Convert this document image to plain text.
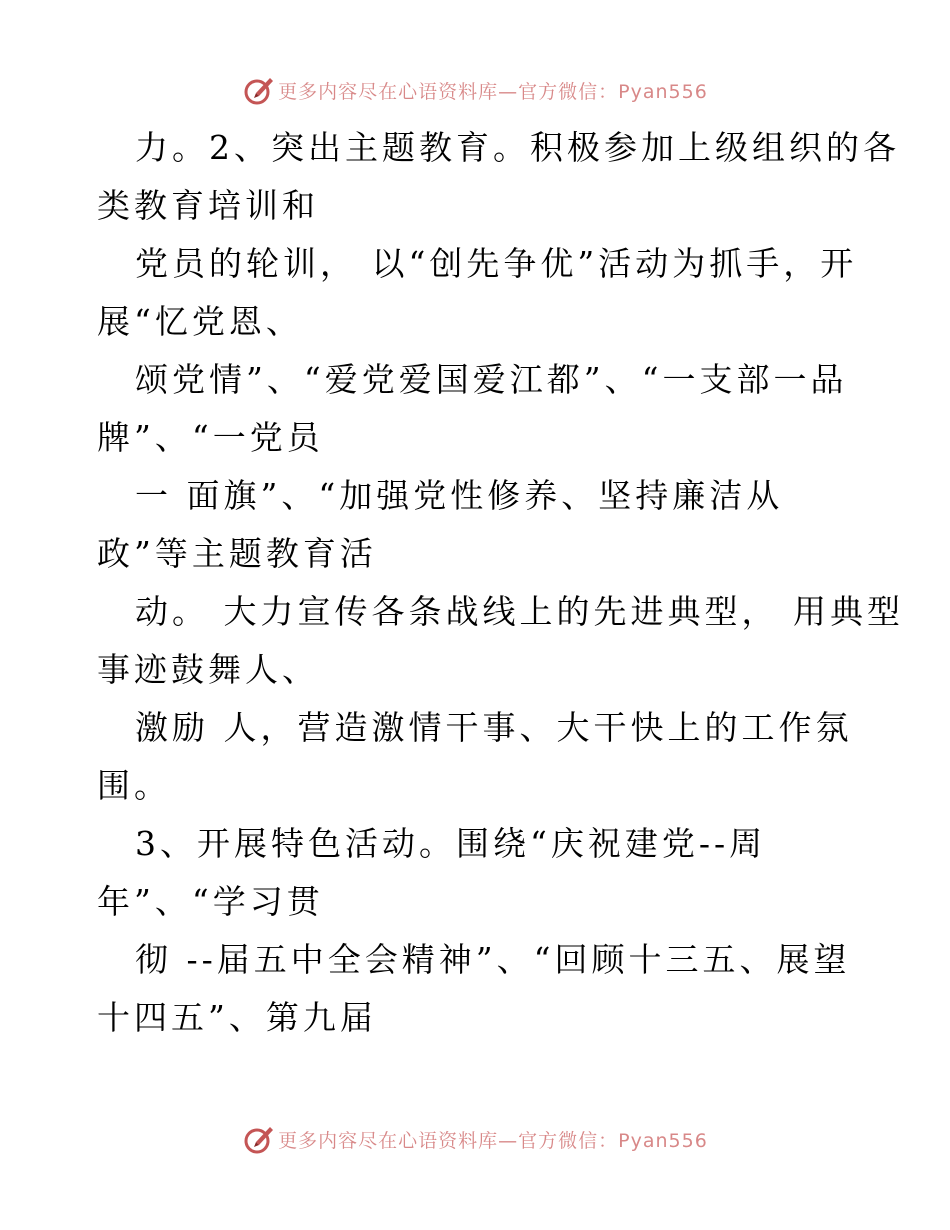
更多内容尽在心语资料库—官方微信：Pyan556
力。2、突出主题教育。积极参加上级组织的各
类教育培训和
党员的轮训， 以“创先争优”活动为抓手，开
展“忆党恩、
颂党情”、“爱党爱国爱江都”、“一支部一品
牌”、“一党员
一 面旗”、“加强党性修养、坚持廉洁从
政”等主题教育活
动。 大力宣传各条战线上的先进典型， 用典型
事迹鼓舞人、
激励 人，营造激情干事、大干快上的工作氛
围。
3、开展特色活动。围绕“庆祝建党--周
年”、“学习贯
彻 --届五中全会精神”、“回顾十三五、展望
十四五”、第九届
更多内容尽在心语资料库—官方微信：Pyan556
